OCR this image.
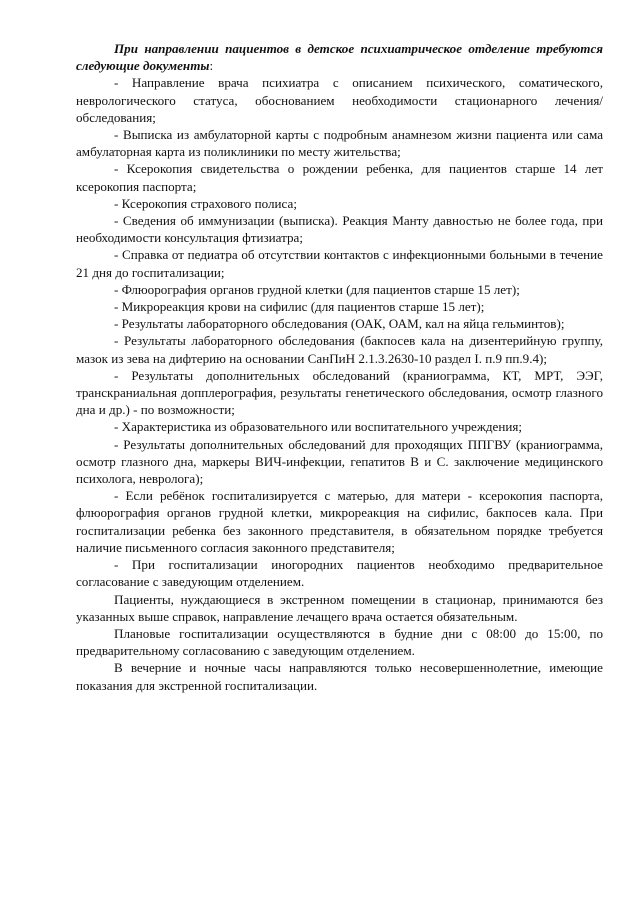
При направлении пациентов в детское психиатрическое отделение требуются следующие документы:

- Направление врача психиатра с описанием психического, соматического, неврологического статуса, обоснованием необходимости стационарного лечения/обследования;

- Выписка из амбулаторной карты с подробным анамнезом жизни пациента или сама амбулаторная карта из поликлиники по месту жительства;

- Ксерокопия свидетельства о рождении ребенка, для пациентов старше 14 лет ксерокопия паспорта;

- Ксерокопия страхового полиса;

- Сведения об иммунизации (выписка). Реакция Манту давностью не более года, при необходимости консультация фтизиатра;

- Справка от педиатра об отсутствии контактов с инфекционными больными в течение 21 дня до госпитализации;

- Флюорография органов грудной клетки (для пациентов старше 15 лет);

- Микрореакция крови на сифилис (для пациентов старше 15 лет);

- Результаты лабораторного обследования (ОАК, ОАМ, кал на яйца гельминтов);

- Результаты лабораторного обследования (бакпосев кала на дизентерийную группу, мазок из зева на дифтерию на основании СанПиН 2.1.3.2630-10 раздел I. п.9 пп.9.4);

- Результаты дополнительных обследований (краниограмма, КТ, МРТ, ЭЭГ, транскраниальная допплерография, результаты генетического обследования, осмотр глазного дна и др.) - по возможности;

- Характеристика из образовательного или воспитательного учреждения;

- Результаты дополнительных обследований для проходящих ППГВУ (краниограмма, осмотр глазного дна, маркеры ВИЧ-инфекции, гепатитов В и С. заключение медицинского психолога, невролога);

- Если ребёнок госпитализируется с матерью, для матери - ксерокопия паспорта, флюорография органов грудной клетки, микрореакция на сифилис, бакпосев кала. При госпитализации ребенка без законного представителя, в обязательном порядке требуется наличие письменного согласия законного представителя;

- При госпитализации иногородних пациентов необходимо предварительное согласование с заведующим отделением.

Пациенты, нуждающиеся в экстренном помещении в стационар, принимаются без указанных выше справок, направление лечащего врача остается обязательным.

Плановые госпитализации осуществляются в будние дни с 08:00 до 15:00, по предварительному согласованию с заведующим отделением.

В вечерние и ночные часы направляются только несовершеннолетние, имеющие показания для экстренной госпитализации.
